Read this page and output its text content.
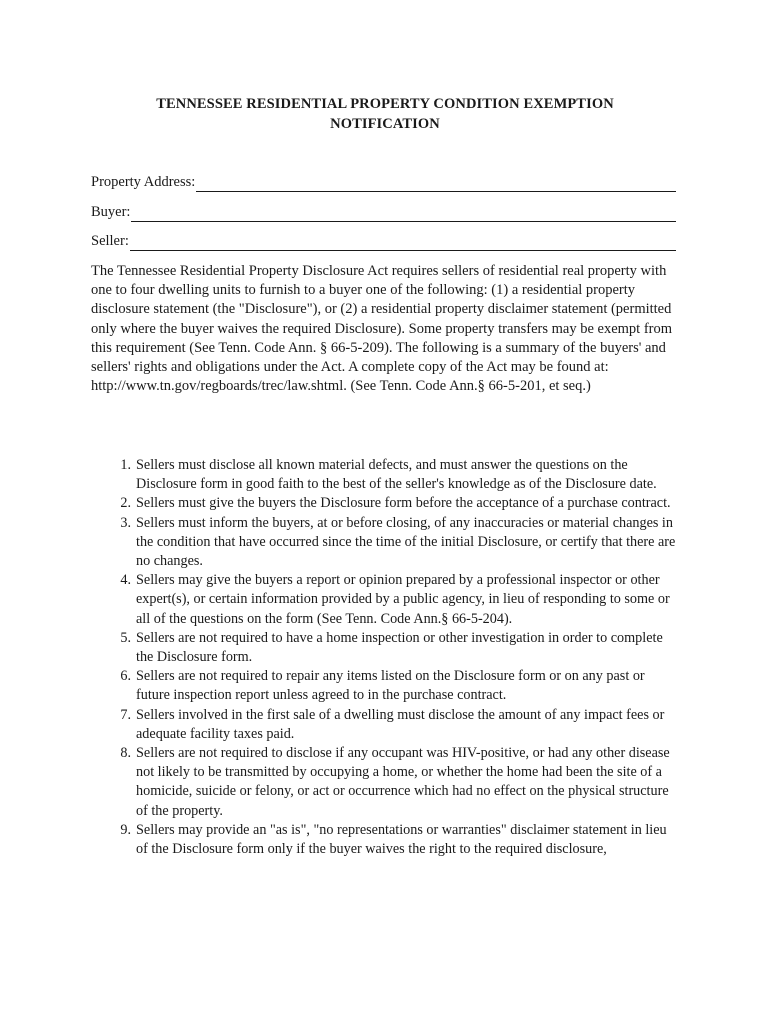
TENNESSEE RESIDENTIAL PROPERTY CONDITION EXEMPTION
NOTIFICATION
Property Address:
Buyer:
Seller:

The Tennessee Residential Property Disclosure Act requires sellers of residential real property with one to four dwelling units to furnish to a buyer one of the following: (1) a residential property disclosure statement (the "Disclosure"), or (2) a residential property disclaimer statement (permitted only where the buyer waives the required Disclosure). Some property transfers may be exempt from this requirement (See Tenn. Code Ann. § 66-5-209). The following is a summary of the buyers' and sellers' rights and obligations under the Act. A complete copy of the Act may be found at: http://www.tn.gov/regboards/trec/law.shtml. (See Tenn. Code Ann.§ 66-5-201, et seq.)

1. Sellers must disclose all known material defects, and must answer the questions on the Disclosure form in good faith to the best of the seller's knowledge as of the Disclosure date.
2. Sellers must give the buyers the Disclosure form before the acceptance of a purchase contract.
3. Sellers must inform the buyers, at or before closing, of any inaccuracies or material changes in the condition that have occurred since the time of the initial Disclosure, or certify that there are no changes.
4. Sellers may give the buyers a report or opinion prepared by a professional inspector or other expert(s), or certain information provided by a public agency, in lieu of responding to some or all of the questions on the form (See Tenn. Code Ann.§ 66-5-204).
5. Sellers are not required to have a home inspection or other investigation in order to complete the Disclosure form.
6. Sellers are not required to repair any items listed on the Disclosure form or on any past or future inspection report unless agreed to in the purchase contract.
7. Sellers involved in the first sale of a dwelling must disclose the amount of any impact fees or adequate facility taxes paid.
8. Sellers are not required to disclose if any occupant was HIV-positive, or had any other disease not likely to be transmitted by occupying a home, or whether the home had been the site of a homicide, suicide or felony, or act or occurrence which had no effect on the physical structure of the property.
9. Sellers may provide an "as is", "no representations or warranties" disclaimer statement in lieu of the Disclosure form only if the buyer waives the right to the required disclosure,
